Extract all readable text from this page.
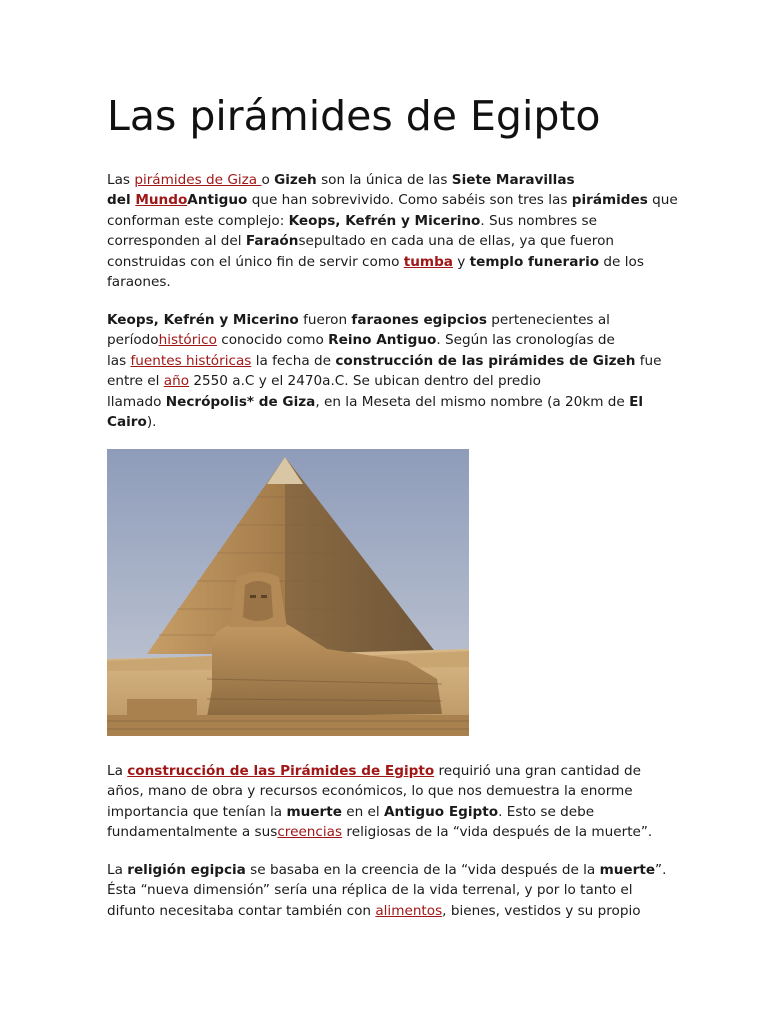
Las pirámides de Egipto

Las pirámides de Giza o Gizeh son la única de las Siete Maravillas
del MundoAntiguo que han sobrevivido. Como sabéis son tres las pirámides que
conforman este complejo: Keops, Kefrén y Micerino. Sus nombres se
corresponden al del Faraónsepultado en cada una de ellas, ya que fueron
construidas con el único fin de servir como tumba y templo funerario de los
faraones.

Keops, Kefrén y Micerino fueron faraones egipcios pertenecientes al
períodohistórico conocido como Reino Antiguo. Según las cronologías de
las fuentes históricas la fecha de construcción de las pirámides de Gizeh fue
entre el año 2550 a.C y el 2470a.C. Se ubican dentro del predio
llamado Necrópolis* de Giza, en la Meseta del mismo nombre (a 20km de El
Cairo).

La construcción de las Pirámides de Egipto requirió una gran cantidad de
años, mano de obra y recursos económicos, lo que nos demuestra la enorme
importancia que tenían la muerte en el Antiguo Egipto. Esto se debe
fundamentalmente a suscreencias religiosas de la “vida después de la muerte”.

La religión egipcia se basaba en la creencia de la “vida después de la muerte”.
Ésta “nueva dimensión” sería una réplica de la vida terrenal, y por lo tanto el
difunto necesitaba contar también con alimentos, bienes, vestidos y su propio
